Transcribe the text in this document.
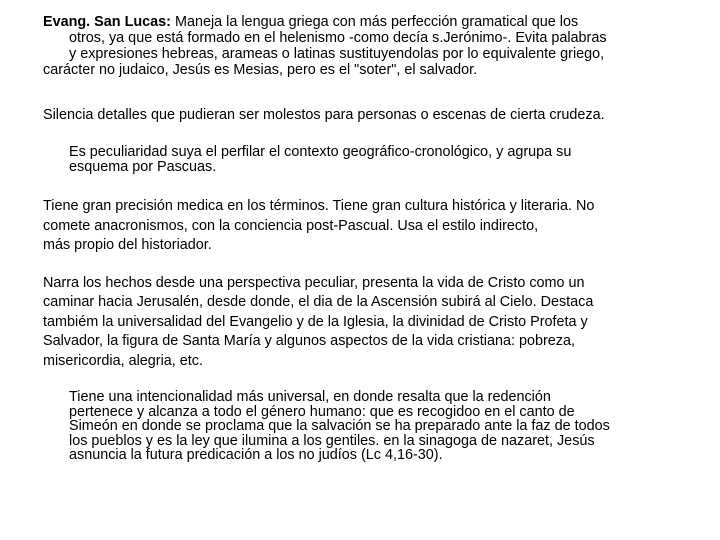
Evang. San Lucas: Maneja la lengua griega con más perfección gramatical que los
otros, ya que está formado en el helenismo -como decía s.Jerónimo-. Evita palabras
y expresiones hebreas, arameas o latinas sustituyendolas por lo equivalente griego,
carácter no judaico, Jesús es Mesias, pero es el "soter", el salvador.

Silencia detalles que pudieran ser molestos para personas o escenas de cierta crudeza.

Es peculiaridad suya el perfilar el contexto geográfico-cronológico, y agrupa su
esquema por Pascuas.

Tiene gran precisión medica en los términos. Tiene gran cultura histórica y literaria. No
comete anacronismos, con la conciencia post-Pascual. Usa el estilo indirecto,
más propio del historiador.

Narra los hechos desde una perspectiva peculiar, presenta la vida de Cristo como un
caminar hacia Jerusalén, desde donde, el dia de la Ascensión subirá al Cielo. Destaca
tambiém la universalidad del Evangelio y de la Iglesia, la divinidad de Cristo Profeta y
Salvador, la figura de Santa María y algunos aspectos de la vida cristiana: pobreza,
misericordia, alegria, etc.

Tiene una intencionalidad más universal, en donde resalta que la redención
pertenece y alcanza a todo el género humano: que es recogidoo en el canto de
Simeón en donde se proclama que la salvación se ha preparado ante la faz de todos
los pueblos y es la ley que ilumina a los gentiles. en la sinagoga de nazaret, Jesús
asnuncia la futura predicación a los no judíos (Lc 4,16-30).
